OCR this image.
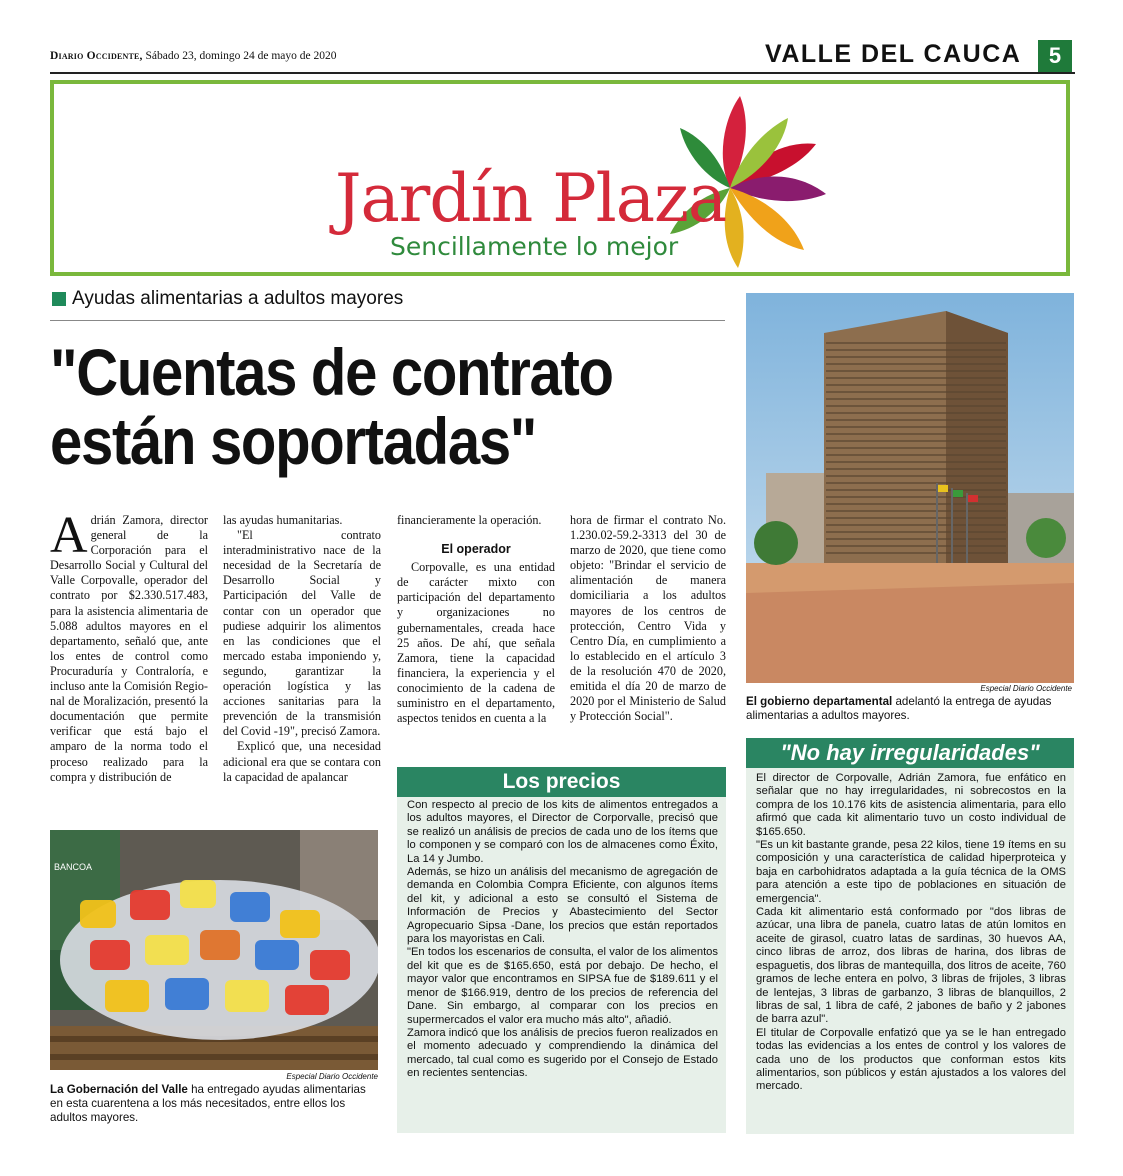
Diario Occidente, Sábado 23, domingo 24 de mayo de 2020	VALLE DEL CAUCA	5
Jardín Plaza
Sencillamente lo mejor
Ayudas alimentarias a adultos mayores
"Cuentas de contrato
están soportadas"

Adrián Zamora, director general de la Corporación para el Desarrollo Social y Cultural del Valle Corpovalle, operador del contrato por $2.330.517.483, para la asistencia alimentaria de 5.088 adultos mayores en el departamento, señaló que, ante los entes de control como Procuraduría y Contraloría, e incluso ante la Comisión Regio-nal de Moralización, presentó la documentación que permite verificar que está bajo el amparo de la norma todo el proceso realizado para la compra y distribución de

las ayudas humanitarias.

"El contrato interadministrativo nace de la necesidad de la Secretaría de Desarrollo Social y Participación del Valle de contar con un operador que pudiese adquirir los alimentos en las condiciones que el mercado estaba imponiendo y, segundo, garantizar la operación logística y las acciones sanitarias para la prevención de la transmisión del Covid -19", precisó Zamora.

Explicó que, una necesidad adicional era que se contara con la capacidad de apalancar

financieramente la operación.

El operador

Corpovalle, es una entidad de carácter mixto con participación del departamento y organizaciones no gubernamentales, creada hace 25 años. De ahí, que señala Zamora, tiene la capacidad financiera, la experiencia y el conocimiento de la cadena de suministro en el departamento, aspectos tenidos en cuenta a la

hora de firmar el contrato No. 1.230.02-59.2-3313 del 30 de marzo de 2020, que tiene como objeto: "Brindar el servicio de alimentación de manera domiciliaria a los adultos mayores de los centros de protección, Centro Vida y Centro Día, en cumplimiento a lo establecido en el artículo 3 de la resolución 470 de 2020, emitida el día 20 de marzo de 2020 por el Ministerio de Salud y Protección Social".

BANCOA
Especial Diario Occidente
La Gobernación del Valle ha entregado ayudas alimentarias en esta cuarentena a los más necesitados, entre ellos los adultos mayores.
Especial Diario Occidente
El gobierno departamental adelantó la entrega de ayudas alimentarias a adultos mayores.

Con respecto al precio de los kits de alimentos entregados a los adultos mayores, el Director de Corporvalle, precisó que se realizó un análisis de precios de cada uno de los ítems que lo componen y se comparó con los de almacenes como Éxito, La 14 y Jumbo.

Además, se hizo un análisis del mecanismo de agregación de demanda en Colombia Compra Eficiente, con algunos ítems del kit, y adicional a esto se consultó el Sistema de Información de Precios y Abastecimiento del Sector Agropecuario Sipsa -Dane, los precios que están reportados para los mayoristas en Cali.

"En todos los escenarios de consulta, el valor de los alimentos del kit que es de $165.650, está por debajo. De hecho, el mayor valor que encontramos en SIPSA fue de $189.611 y el menor de $166.919, dentro de los precios de referencia del Dane. Sin embargo, al comparar con los precios en supermercados el valor era mucho más alto", añadió.

Zamora indicó que los análisis de precios fueron realizados en el momento adecuado y comprendiendo la dinámica del mercado, tal cual como es sugerido por el Consejo de Estado en recientes sentencias.

Los precios	El director de Corpovalle, Adrián Zamora, fue enfático en señalar que no hay irregularidades, ni sobrecostos en la compra de los 10.176 kits de asistencia alimentaria, para ello afirmó que cada kit alimentario tuvo un costo individual de $165.650.

"Es un kit bastante grande, pesa 22 kilos, tiene 19 ítems en su composición y una característica de calidad hiperproteica y baja en carbohidratos adaptada a la guía técnica de la OMS para atención a este tipo de poblaciones en situación de emergencia".

Cada kit alimentario está conformado por "dos libras de azúcar, una libra de panela, cuatro latas de atún lomitos en aceite de girasol, cuatro latas de sardinas, 30 huevos AA, cinco libras de arroz, dos libras de harina, dos libras de espaguetis, dos libras de mantequilla, dos litros de aceite, 760 gramos de leche entera en polvo, 3 libras de frijoles, 3 libras de lentejas, 3 libras de garbanzo, 3 libras de blanquillos, 2 libras de sal, 1 libra de café, 2 jabones de baño y 2 jabones de barra azul".

El titular de Corpovalle enfatizó que ya se le han entregado todas las evidencias a los entes de control y los valores de cada uno de los productos que conforman estos kits alimentarios, son públicos y están ajustados a los valores del mercado.

"No hay irregularidades"
